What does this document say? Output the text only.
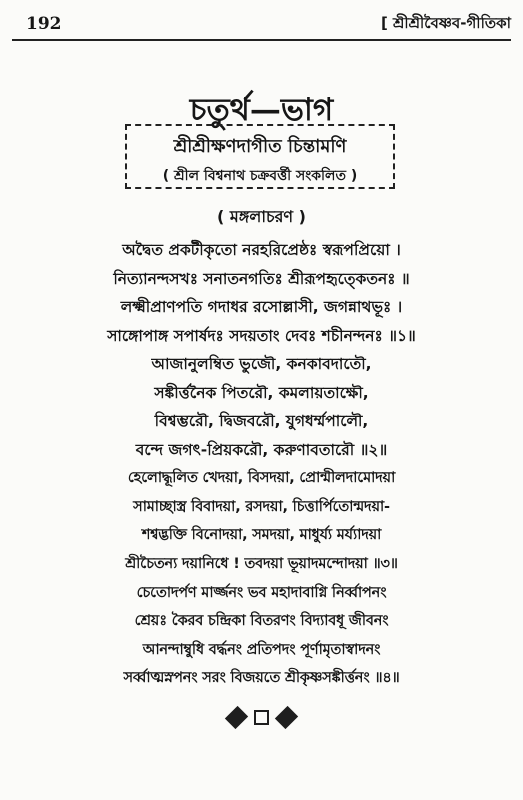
192	[ শ্রীশ্রীবৈষ্ণব-গীতিকা
চতুর্থ—ভাগ
শ্রীশ্রীক্ষণদাগীত চিন্তামণি
( শ্রীল বিশ্বনাথ চক্রবর্ত্তী সংকলিত )
( মঙ্গলাচরণ )
অদ্বৈত প্রকটীকৃতো নরহরিপ্রেষ্ঠঃ স্বরূপপ্রিয়ো ।
নিত্যানন্দসখঃ সনাতনগতিঃ শ্রীরূপহৃত্কেতনঃ ॥
লক্ষ্মীপ্রাণপতি গদাধর রসোল্লাসী, জগন্নাথভূঃ ।
সাঙ্গোপাঙ্গ সপার্ষদঃ সদয়তাং দেবঃ শচীনন্দনঃ ॥১॥
আজানুলম্বিত ভুজৌ, কনকাবদাতৌ,
সঙ্কীর্ত্তনৈক পিতরৌ, কমলায়তাক্ষৌ,
বিশ্বম্ভরৌ, দ্বিজবরৌ, যুগধর্ম্মপালৌ,
বন্দে জগৎ-প্রিয়করৌ, করুণাবতারৌ ॥২॥
হেলোদ্ধূলিত খেদয়া, বিসদয়া, প্রোন্মীলদামোদয়া
সামাচ্ছাস্ত্র বিবাদয়া, রসদয়া, চিত্তার্পিতোন্মদয়া-
শশ্বদ্ভক্তি বিনোদয়া, সমদয়া, মাধুর্য্য মর্য্যাদয়া
শ্রীচৈতন্য দয়ানিধে ! তবদয়া ভূয়াদমন্দোদয়া ॥৩॥
চেতোদর্পণ মার্জ্জনং ভব মহাদাবাগ্নি নির্ব্বাপনং
শ্রেয়ঃ কৈরব চন্দ্রিকা বিতরণং বিদ্যাবধূ জীবনং
আনন্দাম্বুধি বর্দ্ধনং প্রতিপদং পূর্ণামৃতাস্বাদনং
সর্ব্বাত্মস্নপনং সরং বিজয়তে শ্রীকৃষ্ণসঙ্কীর্ত্তনং ॥৪॥
